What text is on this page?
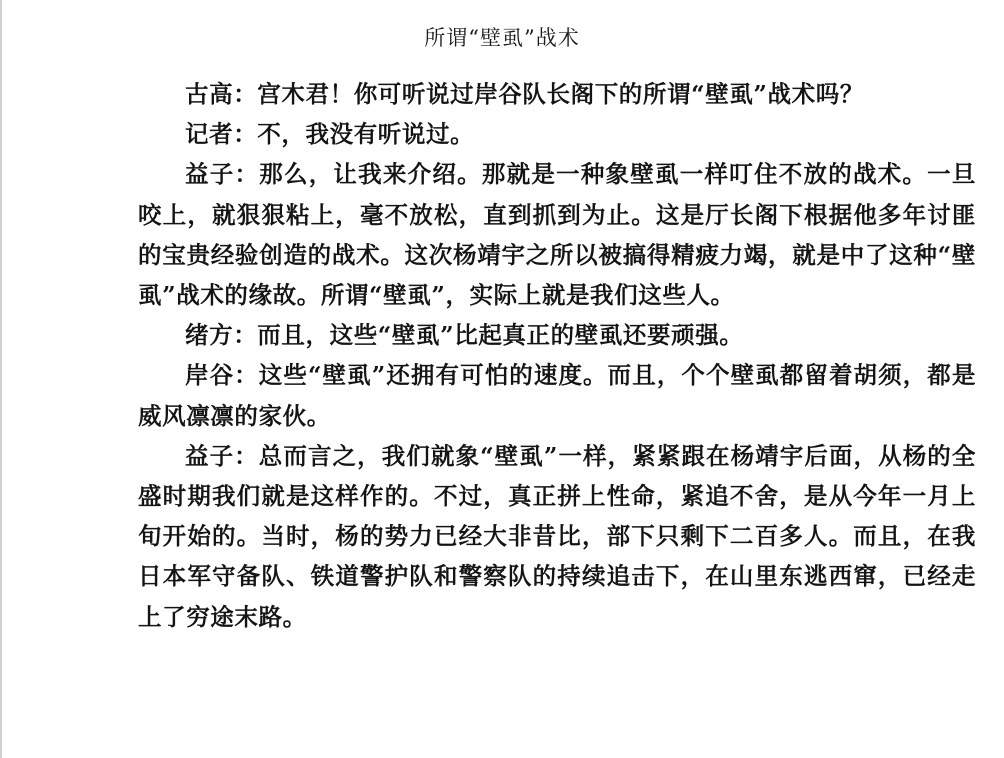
所谓“壁虱”战术

古高：宫木君！你可听说过岸谷队长阁下的所谓“壁虱”战术吗？

记者：不，我没有听说过。

益子：那么，让我来介绍。那就是一种象壁虱一样叮住不放的战术。一旦咬上，就狠狠粘上，毫不放松，直到抓到为止。这是厅长阁下根据他多年讨匪的宝贵经验创造的战术。这次杨靖宇之所以被搞得精疲力竭，就是中了这种“壁虱”战术的缘故。所谓“壁虱”，实际上就是我们这些人。

绪方：而且，这些“壁虱”比起真正的壁虱还要顽强。

岸谷：这些“壁虱”还拥有可怕的速度。而且，个个壁虱都留着胡须，都是威风凛凛的家伙。

益子：总而言之，我们就象“壁虱”一样，紧紧跟在杨靖宇后面，从杨的全盛时期我们就是这样作的。不过，真正拼上性命，紧追不舍，是从今年一月上旬开始的。当时，杨的势力已经大非昔比，部下只剩下二百多人。而且，在我日本军守备队、铁道警护队和警察队的持续追击下，在山里东逃西窜，已经走上了穷途末路。
